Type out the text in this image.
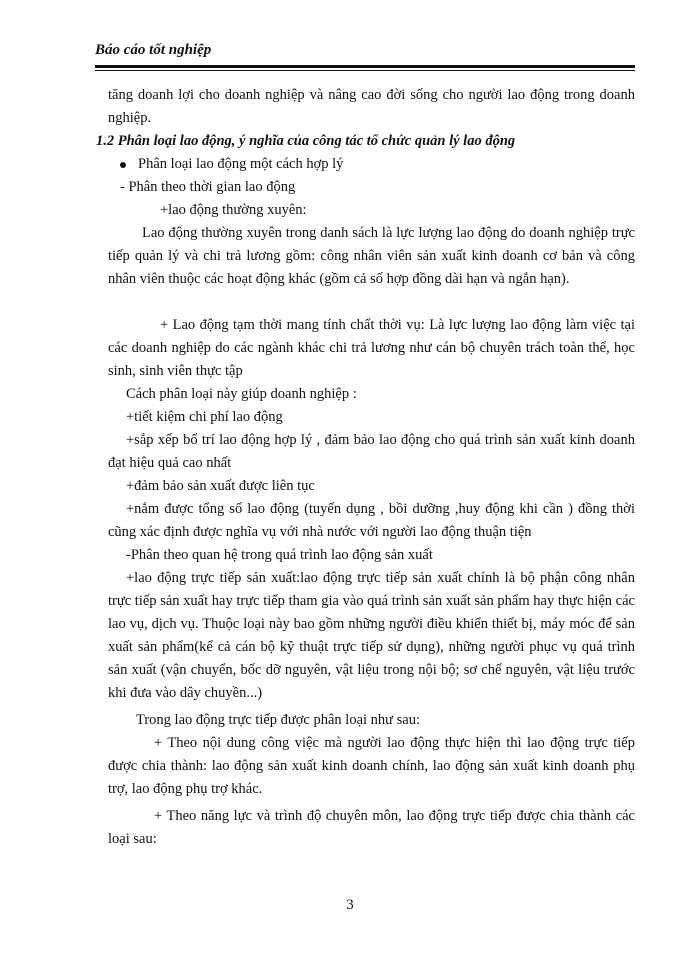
Báo cáo tốt nghiệp

tăng doanh lợi cho doanh nghiệp và nâng cao đời sống cho người lao động trong doanh nghiệp.

1.2 Phân loại lao động, ý nghĩa của công tác tổ chức quản lý lao động

Phân loại lao động một cách hợp lý

- Phân theo thời gian lao động

+lao động thường xuyên:

Lao động thường xuyên trong danh sách là lực lượng lao động do doanh nghiệp trực tiếp quản lý và chi trả lương gồm: công nhân viên sản xuất kinh doanh cơ bản và công nhân viên thuộc các hoạt động khác (gồm cả số hợp đồng dài hạn và ngắn hạn).

+ Lao động tạm thời mang tính chất thời vụ: Là lực lượng lao động làm việc tại các doanh nghiệp do các ngành khác chi trả lương như cán bộ chuyên trách toàn thể, học sinh, sinh viên thực tập

Cách phân loại này giúp doanh nghiệp :

+tiết kiệm chi phí lao động

+sắp xếp bố trí lao động hợp lý , đảm bảo lao động cho quá trình sản xuất kinh doanh đạt hiệu quả cao nhất

+đảm bảo sản xuất được liên tục

+nắm được tổng số lao động (tuyển dụng , bồi dưỡng ,huy động khi cần ) đồng thời cũng xác định được nghĩa vụ với nhà nước với người lao động thuận tiện

-Phân theo quan hệ trong quá trình lao động sản xuất

+lao động trực tiếp sản xuất:lao động trực tiếp sản xuất chính là bộ phận công nhân trực tiếp sản xuất hay trực tiếp tham gia vào quá trình sản xuất sản phẩm hay thực hiện các lao vụ, dịch vụ. Thuộc loại này bao gồm những người điều khiển thiết bị, máy móc để sản xuất sản phẩm(kể cả cán bộ kỹ thuật trực tiếp sử dụng), những người phục vụ quá trình sản xuất (vận chuyển, bốc dỡ nguyên, vật liệu trong nội bộ; sơ chế nguyên, vật liệu trước khi đưa vào dây chuyền...)

Trong lao động trực tiếp được phân loại như sau:

+ Theo nội dung công việc mà người lao động thực hiện thì lao động trực tiếp được chia thành: lao động sản xuất kinh doanh chính, lao động sản xuất kinh doanh phụ trợ, lao động phụ trợ khác.

+ Theo năng lực và trình độ chuyên môn, lao động trực tiếp được chia thành các loại sau:

3
